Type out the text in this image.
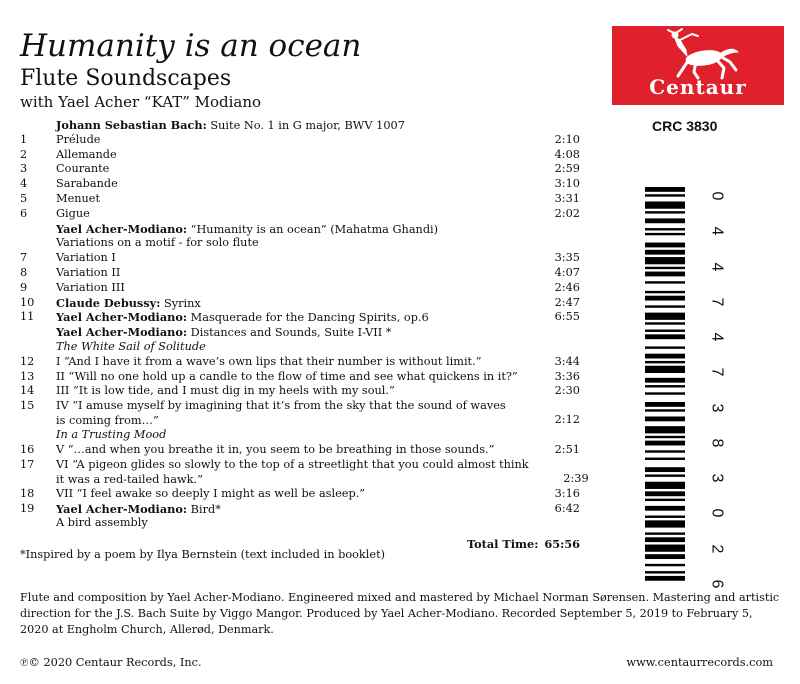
Humanity is an ocean
Flute Soundscapes
with Yael Acher “KAT” Modiano
Centaur
CRC 3830
0
4
4
7
4
7
3
8
3
0
2
6
Johann Sebastian Bach: Suite No. 1 in G major, BWV 1007
1	Prélude	2:10
2	Allemande	4:08
3	Courante	2:59
4	Sarabande	3:10
5	Menuet	3:31
6	Gigue	2:02
Yael Acher-Modiano: “Humanity is an ocean” (Mahatma Ghandi)
Variations on a motif - for solo flute
7	Variation I	3:35
8	Variation II	4:07
9	Variation III	2:46
10	Claude Debussy: Syrinx	2:47
11	Yael Acher-Modiano: Masquerade for the Dancing Spirits, op.6	6:55
Yael Acher-Modiano: Distances and Sounds, Suite I-VII *
The White Sail of Solitude
12	I “And I have it from a wave’s own lips that their number is without limit.”	3:44
13	II “Will no one hold up a candle to the flow of time and see what quickens in it?”	3:36
14	III “It is low tide, and I must dig in my heels with my soul.”	2:30
15	IV “I amuse myself by imagining that it’s from the sky that the sound of waves
is coming from…”	2:12
In a Trusting Mood
16	V “…and when you breathe it in, you seem to be breathing in those sounds.”	2:51
17	VI “A pigeon glides so slowly to the top of a streetlight that you could almost think
it was a red-tailed hawk.”	2:39
18	VII “I feel awake so deeply I might as well be asleep.”	3:16
19	Yael Acher-Modiano: Bird*	6:42
A bird assembly
Total Time: 65:56
*Inspired by a poem by Ilya Bernstein (text included in booklet)
Flute and composition by Yael Acher-Modiano. Engineered mixed and mastered by Michael Norman Sørensen. Mastering and artistic direction for the J.S. Bach Suite by Viggo Mangor. Produced by Yael Acher-Modiano. Recorded September 5, 2019 to February 5, 2020 at Engholm Church, Allerød, Denmark.
℗© 2020 Centaur Records, Inc.	www.centaurrecords.com
